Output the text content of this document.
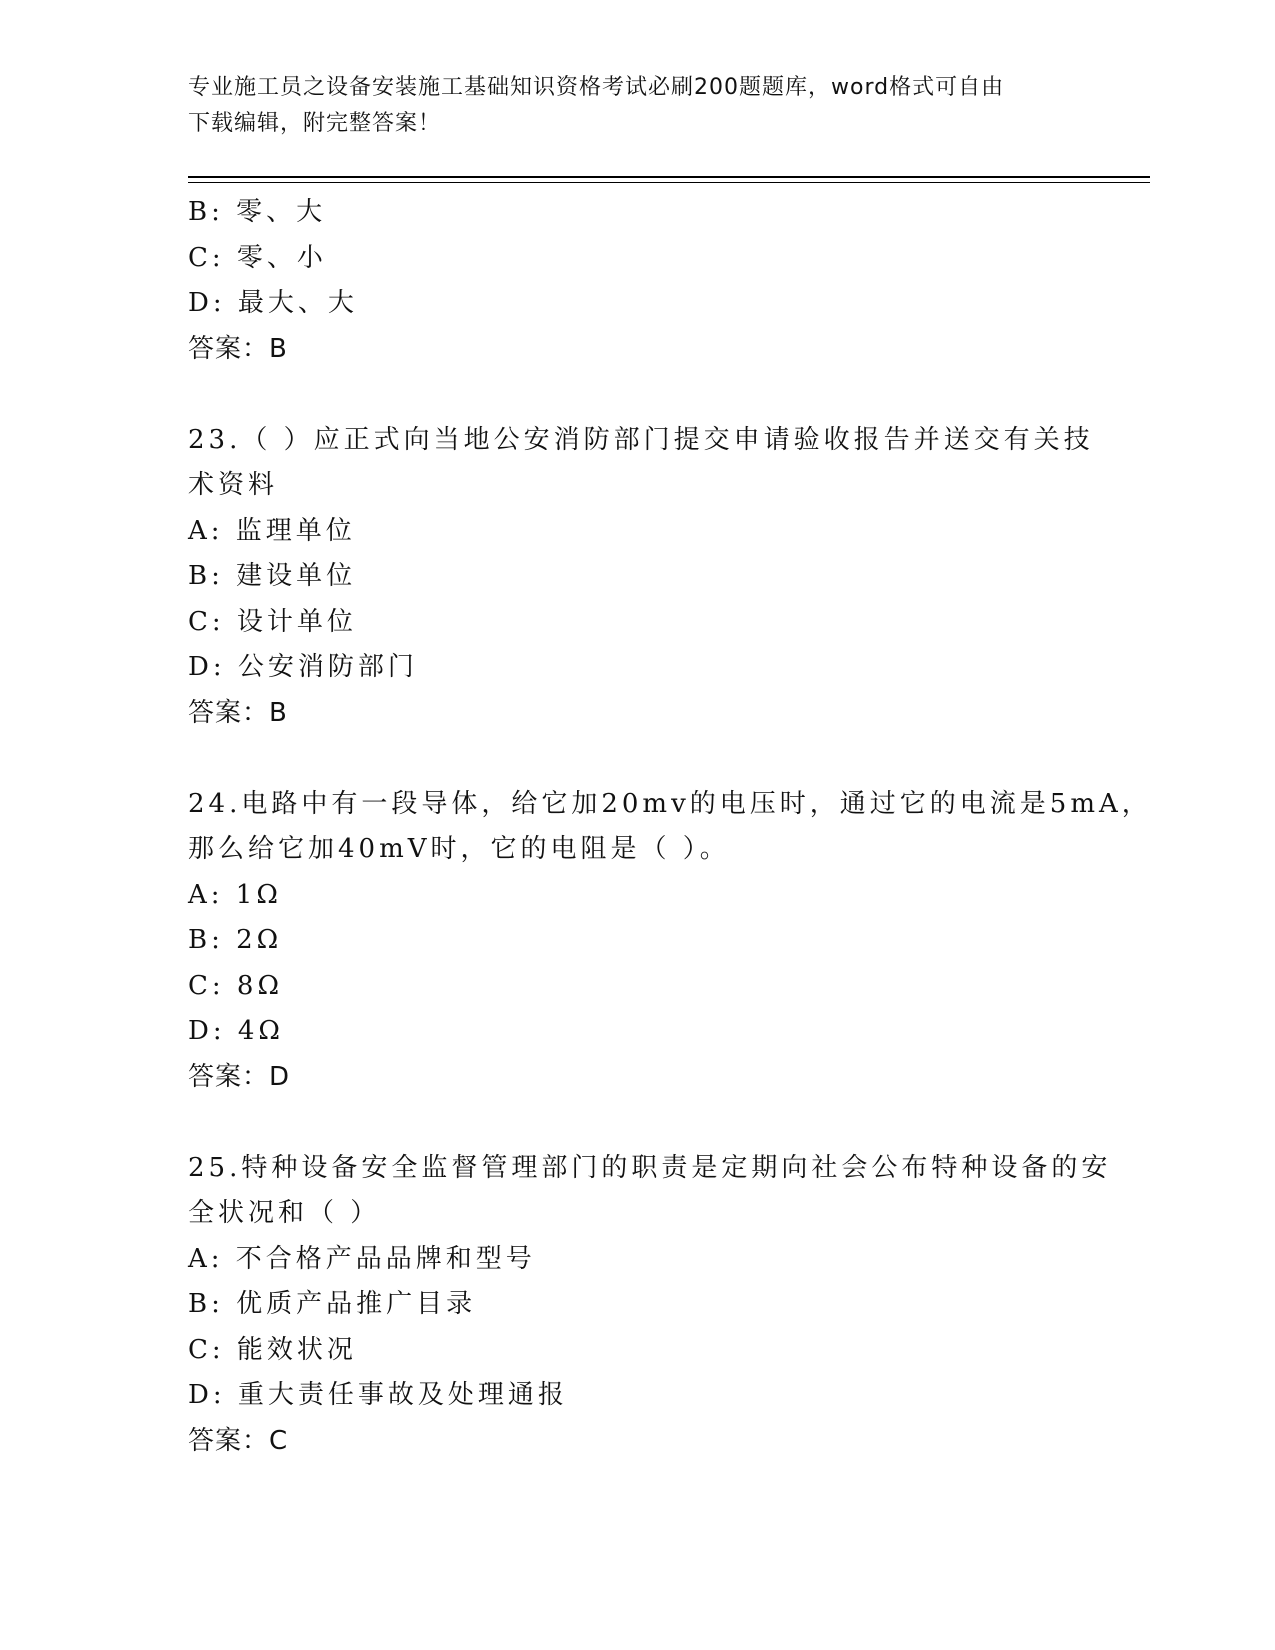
专业施工员之设备安装施工基础知识资格考试必刷200题题库，word格式可自由
下载编辑，附完整答案！
B: 零、大
C: 零、小
D: 最大、大
答案：B
23.（ ）应正式向当地公安消防部门提交申请验收报告并送交有关技
术资料
A: 监理单位
B: 建设单位
C: 设计单位
D: 公安消防部门
答案：B
24.电路中有一段导体，给它加20mv的电压时，通过它的电流是5mA，
那么给它加40mV时，它的电阻是（ ）。
A: 1Ω
B: 2Ω
C: 8Ω
D: 4Ω
答案：D
25.特种设备安全监督管理部门的职责是定期向社会公布特种设备的安
全状况和（ ）
A: 不合格产品品牌和型号
B: 优质产品推广目录
C: 能效状况
D: 重大责任事故及处理通报
答案：C
